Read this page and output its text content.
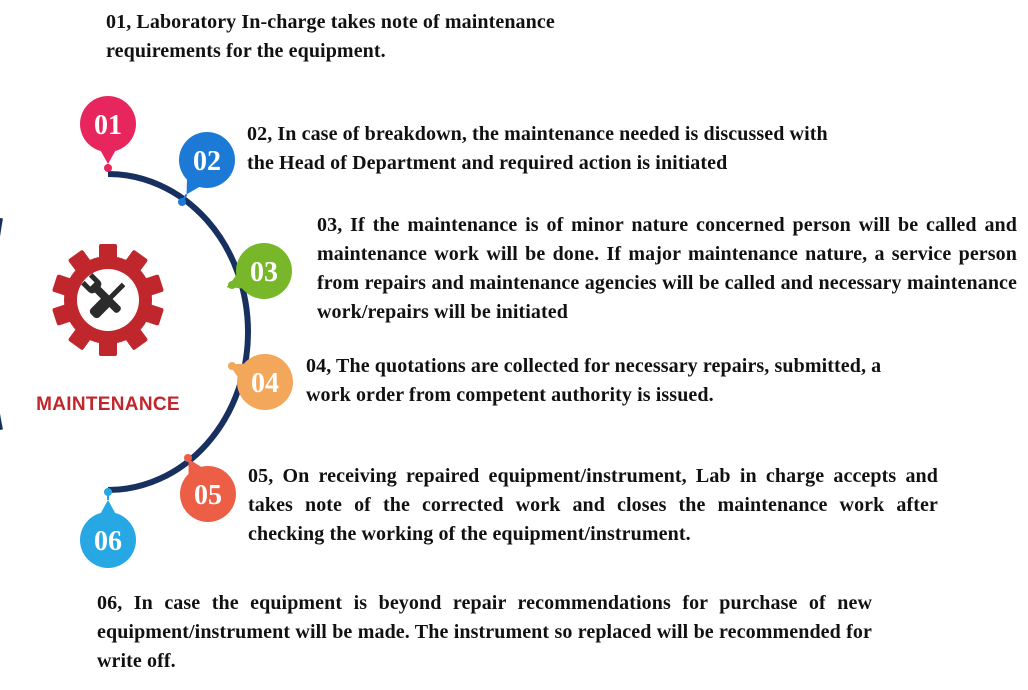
MAINTENANCE
01
02
03
04
05
06

01, Laboratory In-charge takes note of maintenance requirements for the equipment.

02, In case of breakdown, the maintenance needed is discussed with the Head of Department and required action is initiated

03, If the maintenance is of minor nature concerned person will be called and maintenance work will be done. If major maintenance nature, a service person from repairs and maintenance agencies will be called and necessary maintenance work/repairs will be initiated

04, The quotations are collected for necessary repairs, submitted, a work order from competent authority is issued.

05, On receiving repaired equipment/instrument, Lab in charge accepts and takes note of the corrected work and closes the maintenance work after checking the working of the equipment/instrument.

06, In case the equipment is beyond repair recommendations for purchase of new equipment/instrument will be made. The instrument so replaced will be recommended for write off.
